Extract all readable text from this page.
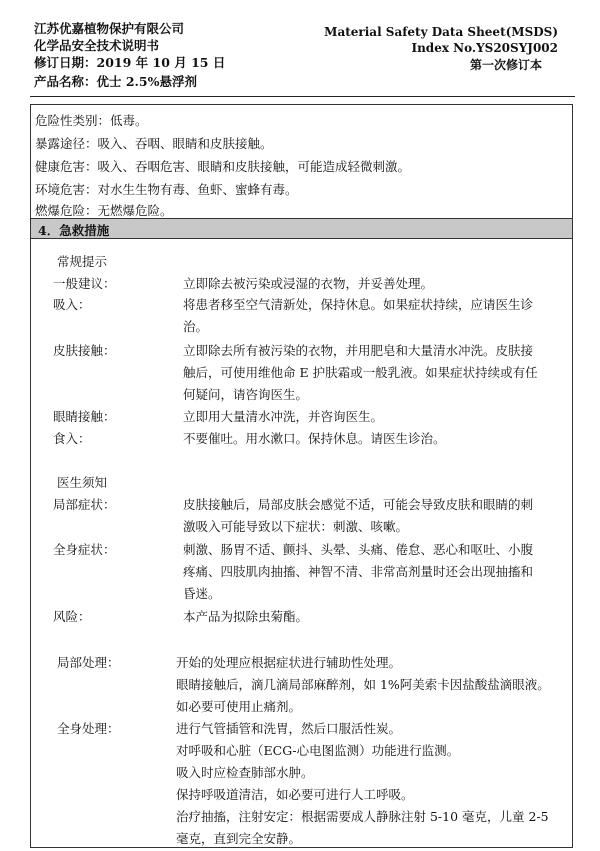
江苏优嘉植物保护有限公司
化学品安全技术说明书
修订日期：2019 年 10 月 15 日
产品名称：优士 2.5%悬浮剂
Material Safety Data Sheet(MSDS)
Index No.YS20SYJ002
第一次修订本
危险性类别：低毒。
暴露途径：吸入、吞咽、眼睛和皮肤接触。
健康危害：吸入、吞咽危害、眼睛和皮肤接触，可能造成轻微刺激。
环境危害：对水生生物有毒、鱼虾、蜜蜂有毒。
燃爆危险：无燃爆危险。
4．急救措施
常规提示
一般建议：	立即除去被污染或浸湿的衣物，并妥善处理。
吸入：	将患者移至空气清新处，保持休息。如果症状持续，应请医生诊
治。
皮肤接触：	立即除去所有被污染的衣物，并用肥皂和大量清水冲洗。皮肤接
触后，可使用维他命 E 护肤霜或一般乳液。如果症状持续或有任
何疑问，请咨询医生。
眼睛接触：	立即用大量清水冲洗，并咨询医生。
食入：	不要催吐。用水漱口。保持休息。请医生诊治。
医生须知
局部症状：	皮肤接触后，局部皮肤会感觉不适，可能会导致皮肤和眼睛的刺
激吸入可能导致以下症状：刺激、咳嗽。
全身症状：	刺激、肠胃不适、颤抖、头晕、头痛、倦怠、恶心和呕吐、小腹
疼痛、四肢肌肉抽搐、神智不清、非常高剂量时还会出现抽搐和
昏迷。
风险：	本产品为拟除虫菊酯。
局部处理：	开始的处理应根据症状进行辅助性处理。
眼睛接触后，滴几滴局部麻醉剂，如 1%阿美索卡因盐酸盐滴眼液。
如必要可使用止痛剂。
全身处理：	进行气管插管和洗胃，然后口服活性炭。
对呼吸和心脏（ECG-心电图监测）功能进行监测。
吸入时应检查肺部水肿。
保持呼吸道清洁，如必要可进行人工呼吸。
治疗抽搐，注射安定：根据需要成人静脉注射 5-10 毫克，儿童 2-5
毫克，直到完全安静。
